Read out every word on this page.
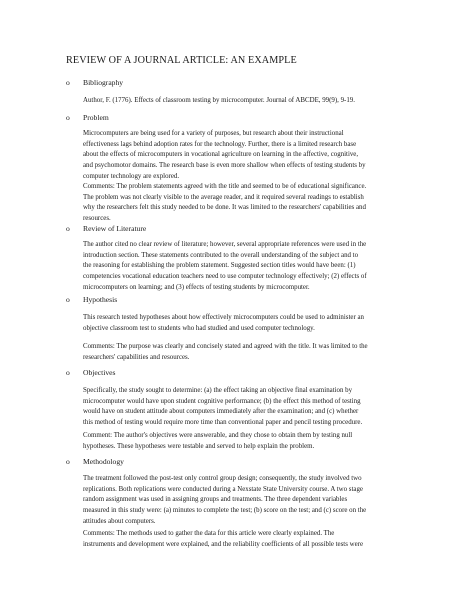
REVIEW OF A JOURNAL ARTICLE: AN EXAMPLE
o Bibliography
Author, F. (1776). Effects of classroom testing by microcomputer. Journal of ABCDE, 99(9), 9-19.
o Problem
Microcomputers are being used for a variety of purposes, but research about their instructional
effectiveness lags behind adoption rates for the technology. Further, there is a limited research base
about the effects of microcomputers in vocational agriculture on learning in the affective, cognitive,
and psychomotor domains. The research base is even more shallow when effects of testing students by
computer technology are explored.
Comments: The problem statements agreed with the title and seemed to be of educational significance.
The problem was not clearly visible to the average reader, and it required several readings to establish
why the researchers felt this study needed to be done. It was limited to the researchers' capabilities and
resources.
o Review of Literature
The author cited no clear review of literature; however, several appropriate references were used in the
introduction section. These statements contributed to the overall understanding of the subject and to
the reasoning for establishing the problem statement. Suggested section titles would have been: (1)
competencies vocational education teachers need to use computer technology effectively; (2) effects of
microcomputers on learning; and (3) effects of testing students by microcomputer.
o Hypothesis
This research tested hypotheses about how effectively microcomputers could be used to administer an
objective classroom test to students who had studied and used computer technology.
Comments: The purpose was clearly and concisely stated and agreed with the title. It was limited to the
researchers' capabilities and resources.
o Objectives
Specifically, the study sought to determine: (a) the effect taking an objective final examination by
microcomputer would have upon student cognitive performance; (b) the effect this method of testing
would have on student attitude about computers immediately after the examination; and (c) whether
this method of testing would require more time than conventional paper and pencil testing procedure.
Comment: The author's objectives were answerable, and they chose to obtain them by testing null
hypotheses. These hypotheses were testable and served to help explain the problem.
o Methodology
The treatment followed the post-test only control group design; consequently, the study involved two
replications. Both replications were conducted during a Nexstate State University course. A two stage
random assignment was used in assigning groups and treatments. The three dependent variables
measured in this study were: (a) minutes to complete the test; (b) score on the test; and (c) score on the
attitudes about computers.
Comments: The methods used to gather the data for this article were clearly explained. The
instruments and development were explained, and the reliability coefficients of all possible tests were
